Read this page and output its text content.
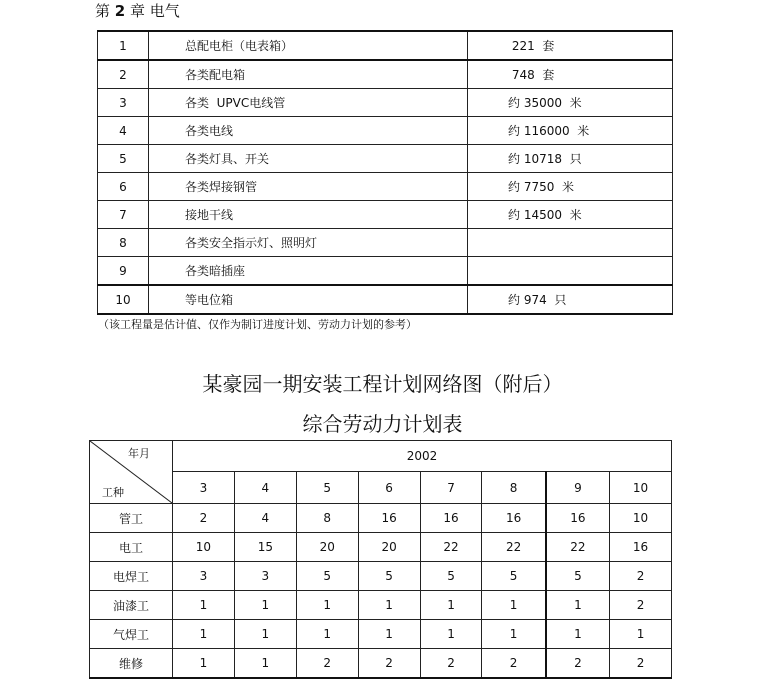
第 2 章 电气
1	总配电柜（电表箱）	221  套
2	各类配电箱	748  套
3	各类  UPVC电线管	约 35000  米
4	各类电线	约 116000  米
5	各类灯具、开关	约 10718  只
6	各类焊接钢管	约 7750  米
7	接地干线	约 14500  米
8	各类安全指示灯、照明灯	
9	各类暗插座	
10	等电位箱	约 974  只
（该工程量是估计值、仅作为制订进度计划、劳动力计划的参考）
某豪园一期安装工程计划网络图（附后）
综合劳动力计划表
年月
工种	2002							
	3	4	5	6	7	8	9	10
管工	2	4	8	16	16	16	16	10
电工	10	15	20	20	22	22	22	16
电焊工	3	3	5	5	5	5	5	2
油漆工	1	1	1	1	1	1	1	2
气焊工	1	1	1	1	1	1	1	1
维修	1	1	2	2	2	2	2	2
